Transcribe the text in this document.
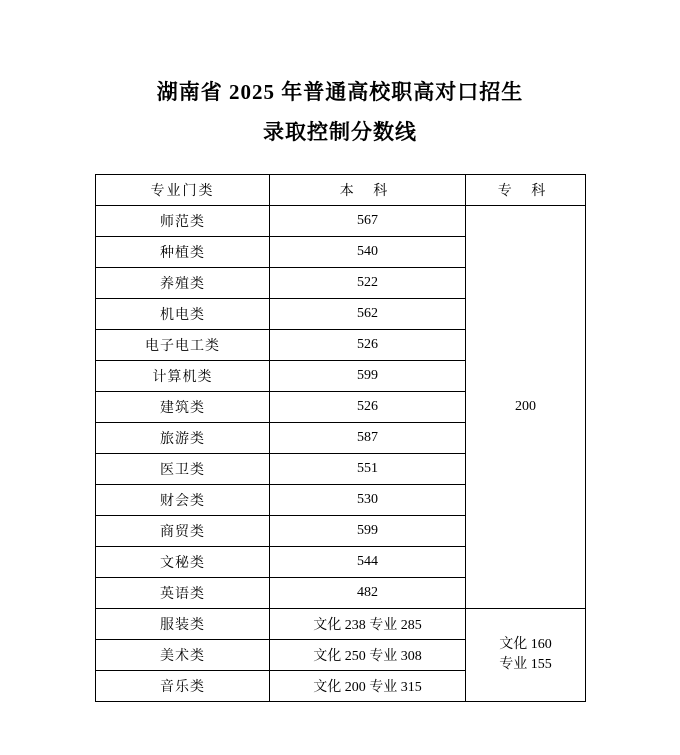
湖南省 2025 年普通高校职高对口招生
录取控制分数线
专业门类	本 科	专 科
师范类	567	200
种植类	540	
养殖类	522	
机电类	562	
电子电工类	526	
计算机类	599	
建筑类	526	
旅游类	587	
医卫类	551	
财会类	530	
商贸类	599	
文秘类	544	
英语类	482	
服装类	文化 238 专业 285	文化 160
专业 155

美术类	文化 250 专业 308	
音乐类	文化 200 专业 315	
